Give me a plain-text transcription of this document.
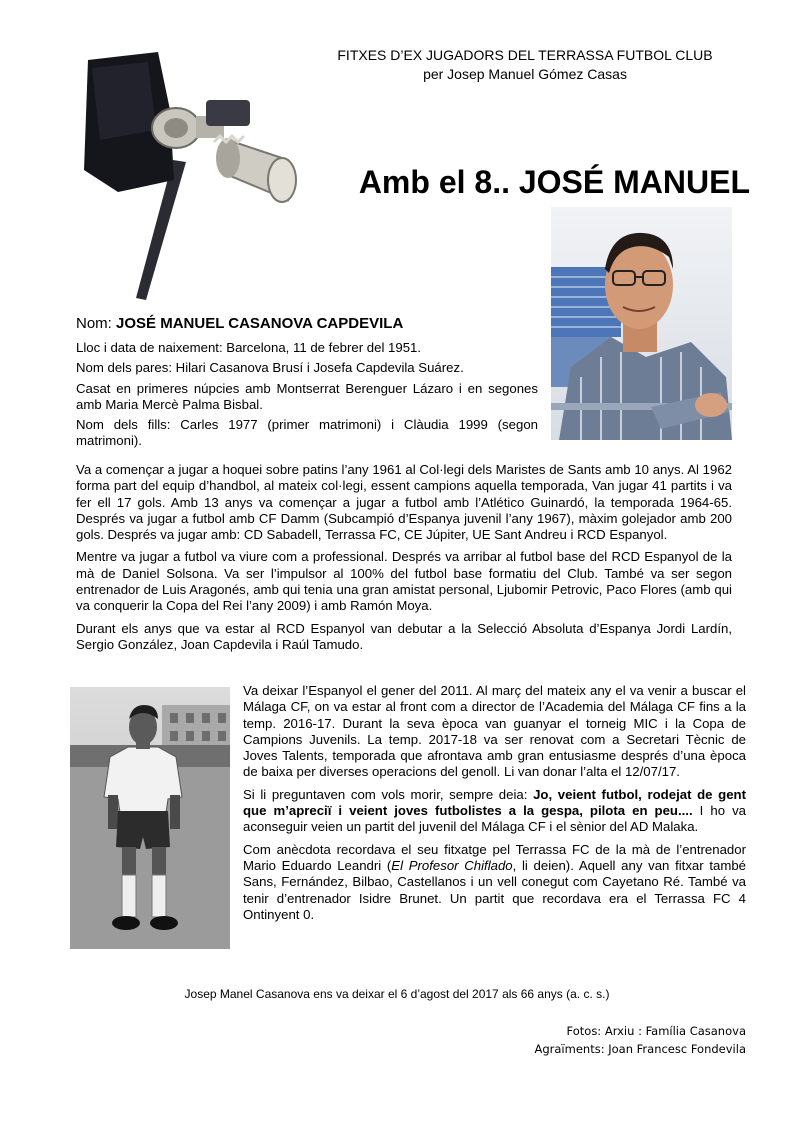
FITXES D’EX JUGADORS DEL TERRASSA FUTBOL CLUB
per Josep Manuel Gómez Casas
Amb el 8.. JOSÉ MANUEL
Nom: JOSÉ MANUEL CASANOVA CAPDEVILA

Lloc i data de naixement: Barcelona, 11 de febrer del 1951.

Nom dels pares: Hilari Casanova Brusí i Josefa Capdevila Suárez.

Casat en primeres núpcies amb Montserrat Berenguer Lázaro i en segones amb Maria Mercè Palma Bisbal.

Nom dels fills: Carles 1977 (primer matrimoni) i Clàudia 1999 (segon matrimoni).

Va a començar a jugar a hoquei sobre patins l’any 1961 al Col·legi dels Maristes de Sants amb 10 anys. Al 1962 forma part del equip d’handbol, al mateix col·legi, essent campions aquella temporada, Van jugar 41 partits i va fer ell 17 gols. Amb 13 anys va començar a jugar a futbol amb l’Atlético Guinardó, la temporada 1964-65. Després va jugar a futbol amb CF Damm (Subcampió d’Espanya juvenil l’any 1967), màxim golejador amb 200 gols. Després va jugar amb: CD Sabadell, Terrassa FC, CE Júpiter, UE Sant Andreu i RCD Espanyol.

Mentre va jugar a futbol va viure com a professional. Després va arribar al futbol base del RCD Espanyol de la mà de Daniel Solsona. Va ser l’impulsor al 100% del futbol base formatiu del Club. També va ser segon entrenador de Luis Aragonés, amb qui tenia una gran amistat personal, Ljubomir Petrovic, Paco Flores (amb qui va conquerir la Copa del Rei l’any 2009) i amb Ramón Moya.

Durant els anys que va estar al RCD Espanyol van debutar a la Selecció Absoluta d’Espanya Jordi Lardín, Sergio González, Joan Capdevila i Raúl Tamudo.

Va deixar l’Espanyol el gener del 2011. Al març del mateix any el va venir a buscar el Málaga CF, on va estar al front com a director de l’Academia del Málaga CF fins a la temp. 2016-17. Durant la seva època van guanyar el torneig MIC i la Copa de Campions Juvenils. La temp. 2017-18 va ser renovat com a Secretari Tècnic de Joves Talents, temporada que afrontava amb gran entusiasme després d’una època de baixa per diverses operacions del genoll. Li van donar l’alta el 12/07/17.

Si li preguntaven com vols morir, sempre deia: Jo, veient futbol, rodejat de gent que m’apreciï i veient joves futbolistes a la gespa, pilota en peu.... I ho va aconseguir veien un partit del juvenil del Málaga CF i el sènior del AD Malaka.

Com anècdota recordava el seu fitxatge pel Terrassa FC de la mà de l’entrenador Mario Eduardo Leandri (El Profesor Chiflado, li deien). Aquell any van fitxar també Sans, Fernández, Bilbao, Castellanos i un vell conegut com Cayetano Ré. També va tenir d’entrenador Isidre Brunet. Un partit que recordava era el Terrassa FC 4 Ontinyent 0.

Josep Manel Casanova ens va deixar el 6 d’agost del 2017 als 66 anys (a. c. s.)
Fotos: Arxiu : Família Casanova
Agraïments: Joan Francesc Fondevila
